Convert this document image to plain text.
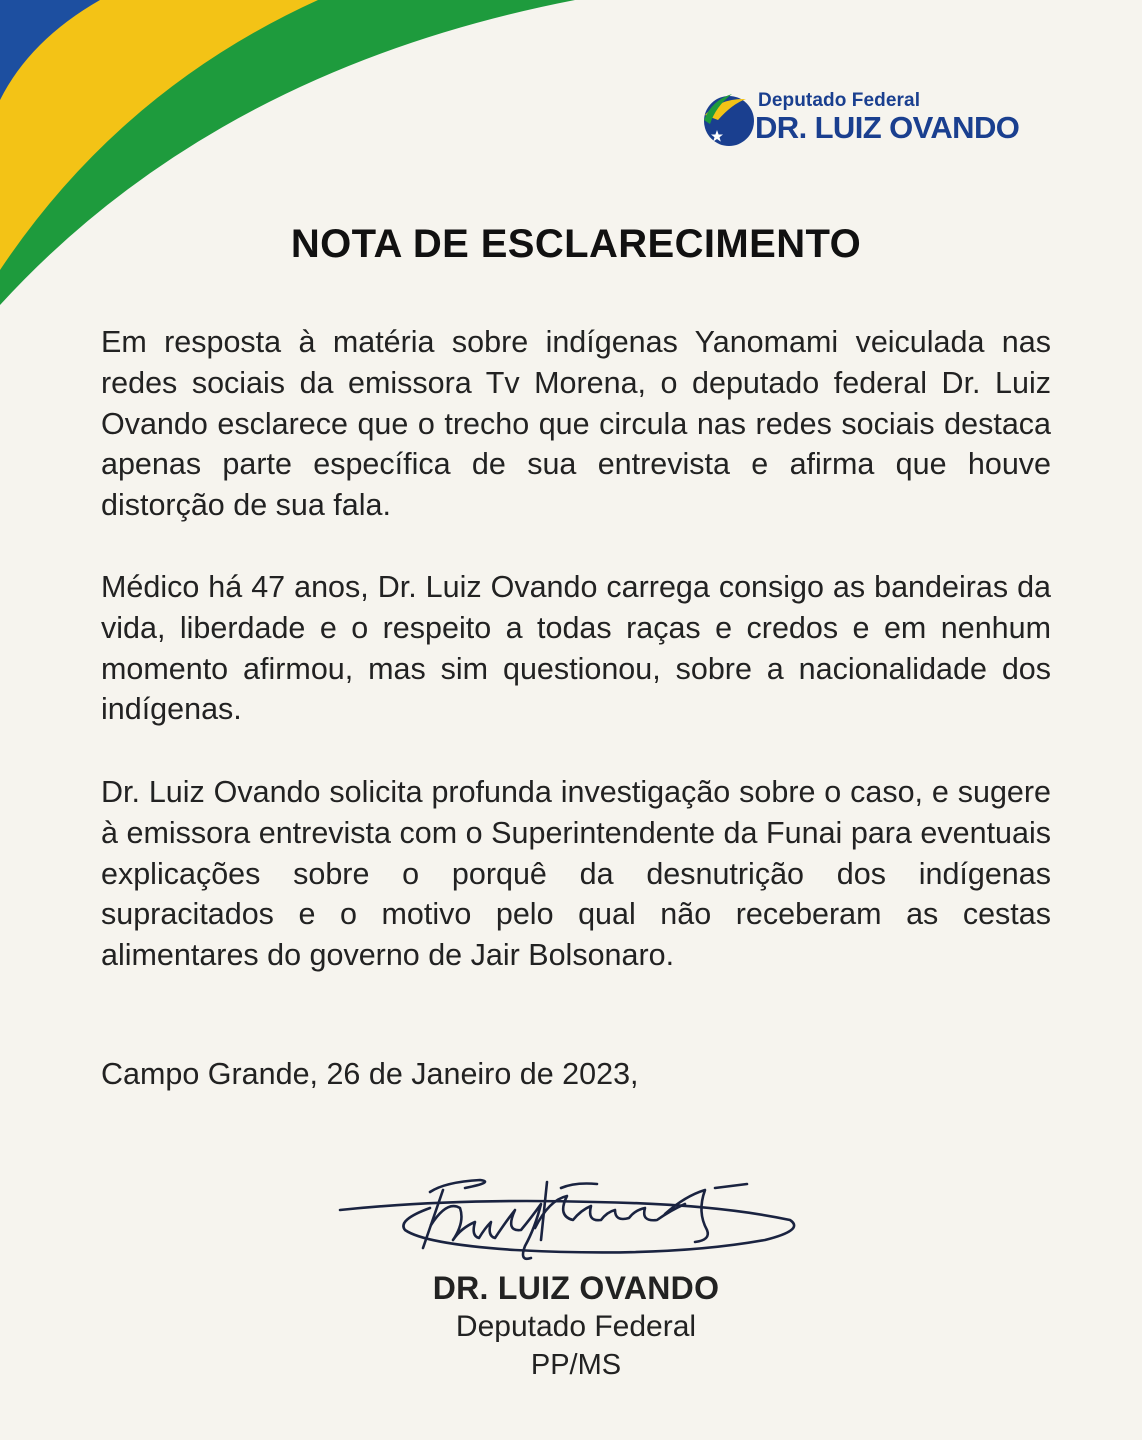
Deputado Federal
DR. LUIZ OVANDO
NOTA DE ESCLARECIMENTO

Em resposta à matéria sobre indígenas Yanomami veiculada nas redes sociais da emissora Tv Morena, o deputado federal Dr. Luiz Ovando esclarece que o trecho que circula nas redes sociais destaca apenas parte específica de sua entrevista e afirma que houve distorção de sua fala.

Médico há 47 anos, Dr. Luiz Ovando carrega consigo as bandeiras da vida, liberdade e o respeito a todas raças e credos e em nenhum momento afirmou, mas sim questionou, sobre a nacionalidade dos indígenas.

Dr. Luiz Ovando solicita profunda investigação sobre o caso, e sugere à emissora entrevista com o Superintendente da Funai para eventuais explicações sobre o porquê da desnutrição dos indígenas supracitados e o motivo pelo qual não receberam as cestas alimentares do governo de Jair Bolsonaro.

Campo Grande, 26 de Janeiro de 2023,
DR. LUIZ OVANDO
Deputado Federal
PP/MS
